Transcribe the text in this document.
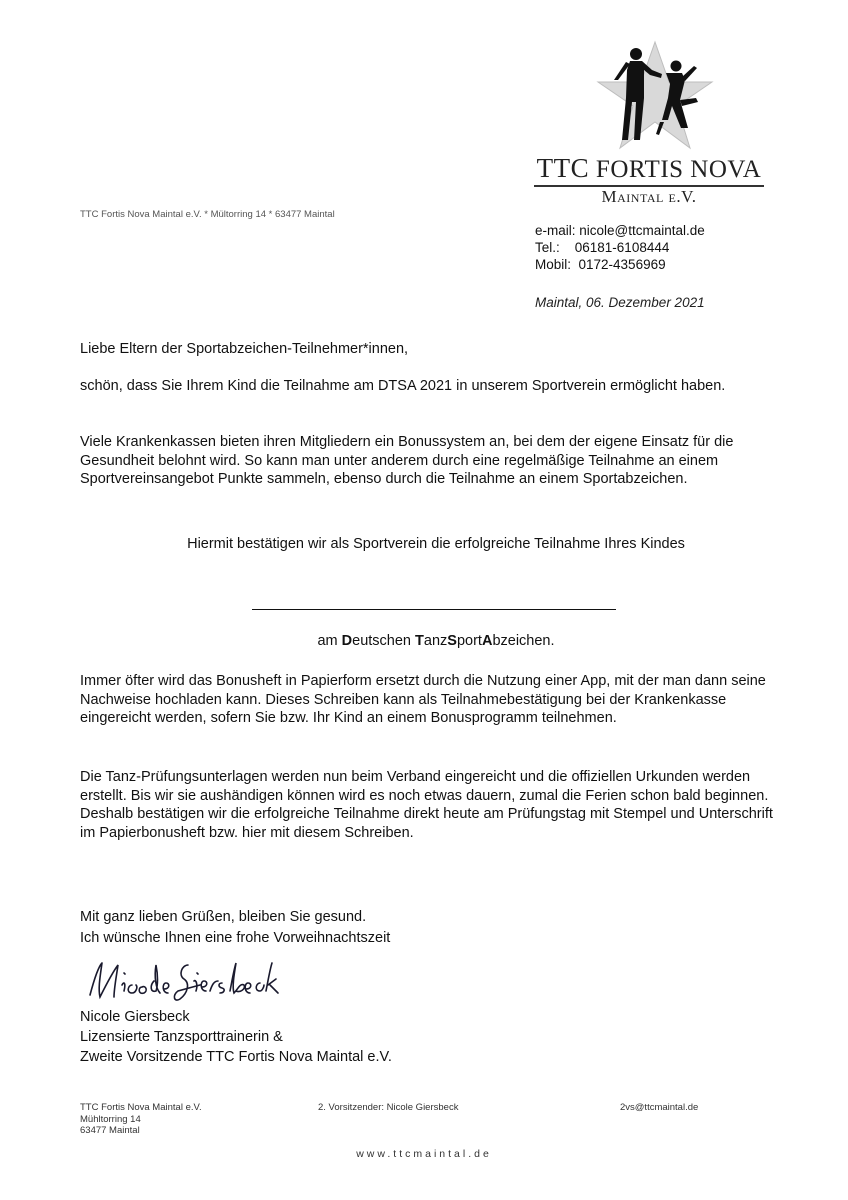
TTC FORTIS NOVA
Maintal e.V.
TTC Fortis Nova Maintal e.V. * Mültorring 14 * 63477 Maintal
e-mail: nicole@ttcmaintal.de
Tel.:    06181-6108444
Mobil:  0172-4356969
Maintal, 06. Dezember 2021
Liebe Eltern der Sportabzeichen-Teilnehmer*innen,
schön, dass Sie Ihrem Kind die Teilnahme am DTSA 2021 in unserem Sportverein ermöglicht haben.
Viele Krankenkassen bieten ihren Mitgliedern ein Bonussystem an, bei dem der eigene Einsatz für die Gesundheit belohnt wird. So kann man unter anderem durch eine regelmäßige Teilnahme an einem Sportvereinsangebot Punkte sammeln, ebenso durch die Teilnahme an einem Sportabzeichen.
Hiermit bestätigen wir als Sportverein die erfolgreiche Teilnahme Ihres Kindes
am Deutschen TanzSportAbzeichen.
Immer öfter wird das Bonusheft in Papierform ersetzt durch die Nutzung einer App, mit der man dann seine Nachweise hochladen kann. Dieses Schreiben kann als Teilnahmebestätigung bei der Krankenkasse eingereicht werden, sofern Sie bzw. Ihr Kind an einem Bonusprogramm teilnehmen.
Die Tanz-Prüfungsunterlagen werden nun beim Verband eingereicht und die offiziellen Urkunden werden erstellt. Bis wir sie aushändigen können wird es noch etwas dauern, zumal die Ferien schon bald beginnen. Deshalb bestätigen wir die erfolgreiche Teilnahme direkt heute am Prüfungstag mit Stempel und Unterschrift im Papierbonusheft bzw. hier mit diesem Schreiben.
Mit ganz lieben Grüßen, bleiben Sie gesund.
Ich wünsche Ihnen eine frohe Vorweihnachtszeit
Nicole Giersbeck
Lizensierte Tanzsporttrainerin &
Zweite Vorsitzende TTC Fortis Nova Maintal e.V.
TTC Fortis Nova Maintal e.V.
Mühltorring 14
63477 Maintal
2. Vorsitzender: Nicole Giersbeck	2vs@ttcmaintal.de
www.ttcmaintal.de
